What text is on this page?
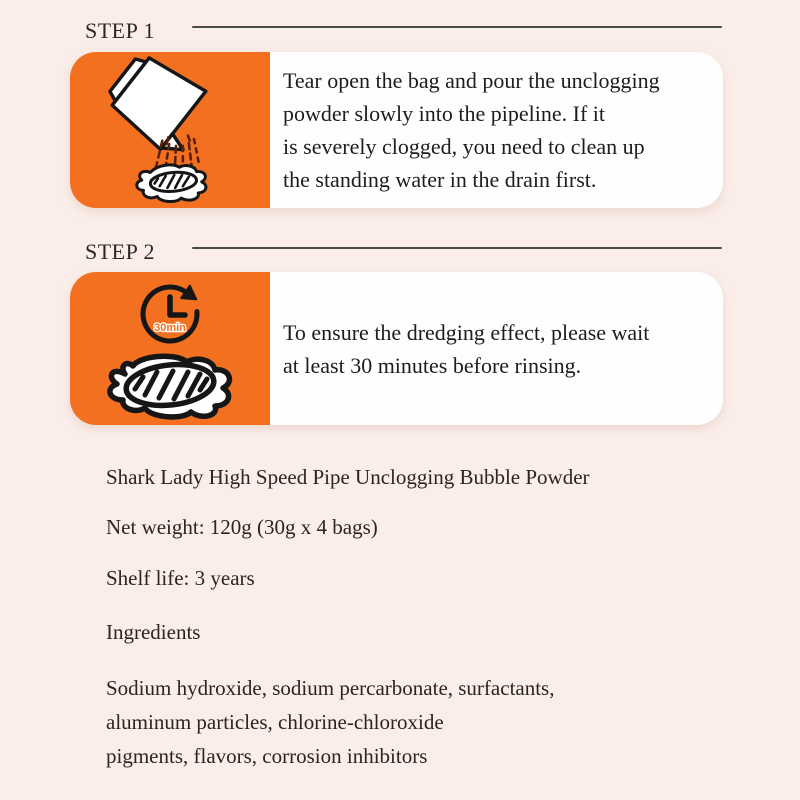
STEP 1
Tear open the bag and pour the unclogging
powder slowly into the pipeline. If it
is severely clogged, you need to clean up
the standing water in the drain first.
STEP 2
30min	To ensure the dredging effect, please wait
at least 30 minutes before rinsing.
Shark Lady High Speed Pipe Unclogging Bubble Powder
Net weight: 120g (30g x 4 bags)
Shelf life: 3 years
Ingredients
Sodium hydroxide, sodium percarbonate, surfactants,
aluminum particles, chlorine-chloroxide
pigments, flavors, corrosion inhibitors
